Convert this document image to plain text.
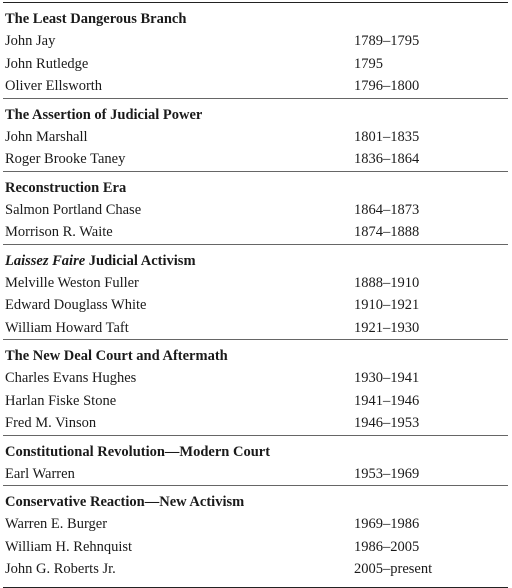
The Least Dangerous Branch
John Jay	1789–1795
John Rutledge	1795
Oliver Ellsworth	1796–1800
The Assertion of Judicial Power
John Marshall	1801–1835
Roger Brooke Taney	1836–1864
Reconstruction Era
Salmon Portland Chase	1864–1873
Morrison R. Waite	1874–1888
Laissez Faire Judicial Activism
Melville Weston Fuller	1888–1910
Edward Douglass White	1910–1921
William Howard Taft	1921–1930
The New Deal Court and Aftermath
Charles Evans Hughes	1930–1941
Harlan Fiske Stone	1941–1946
Fred M. Vinson	1946–1953
Constitutional Revolution—Modern Court
Earl Warren	1953–1969
Conservative Reaction—New Activism
Warren E. Burger	1969–1986
William H. Rehnquist	1986–2005
John G. Roberts Jr.	2005–present
